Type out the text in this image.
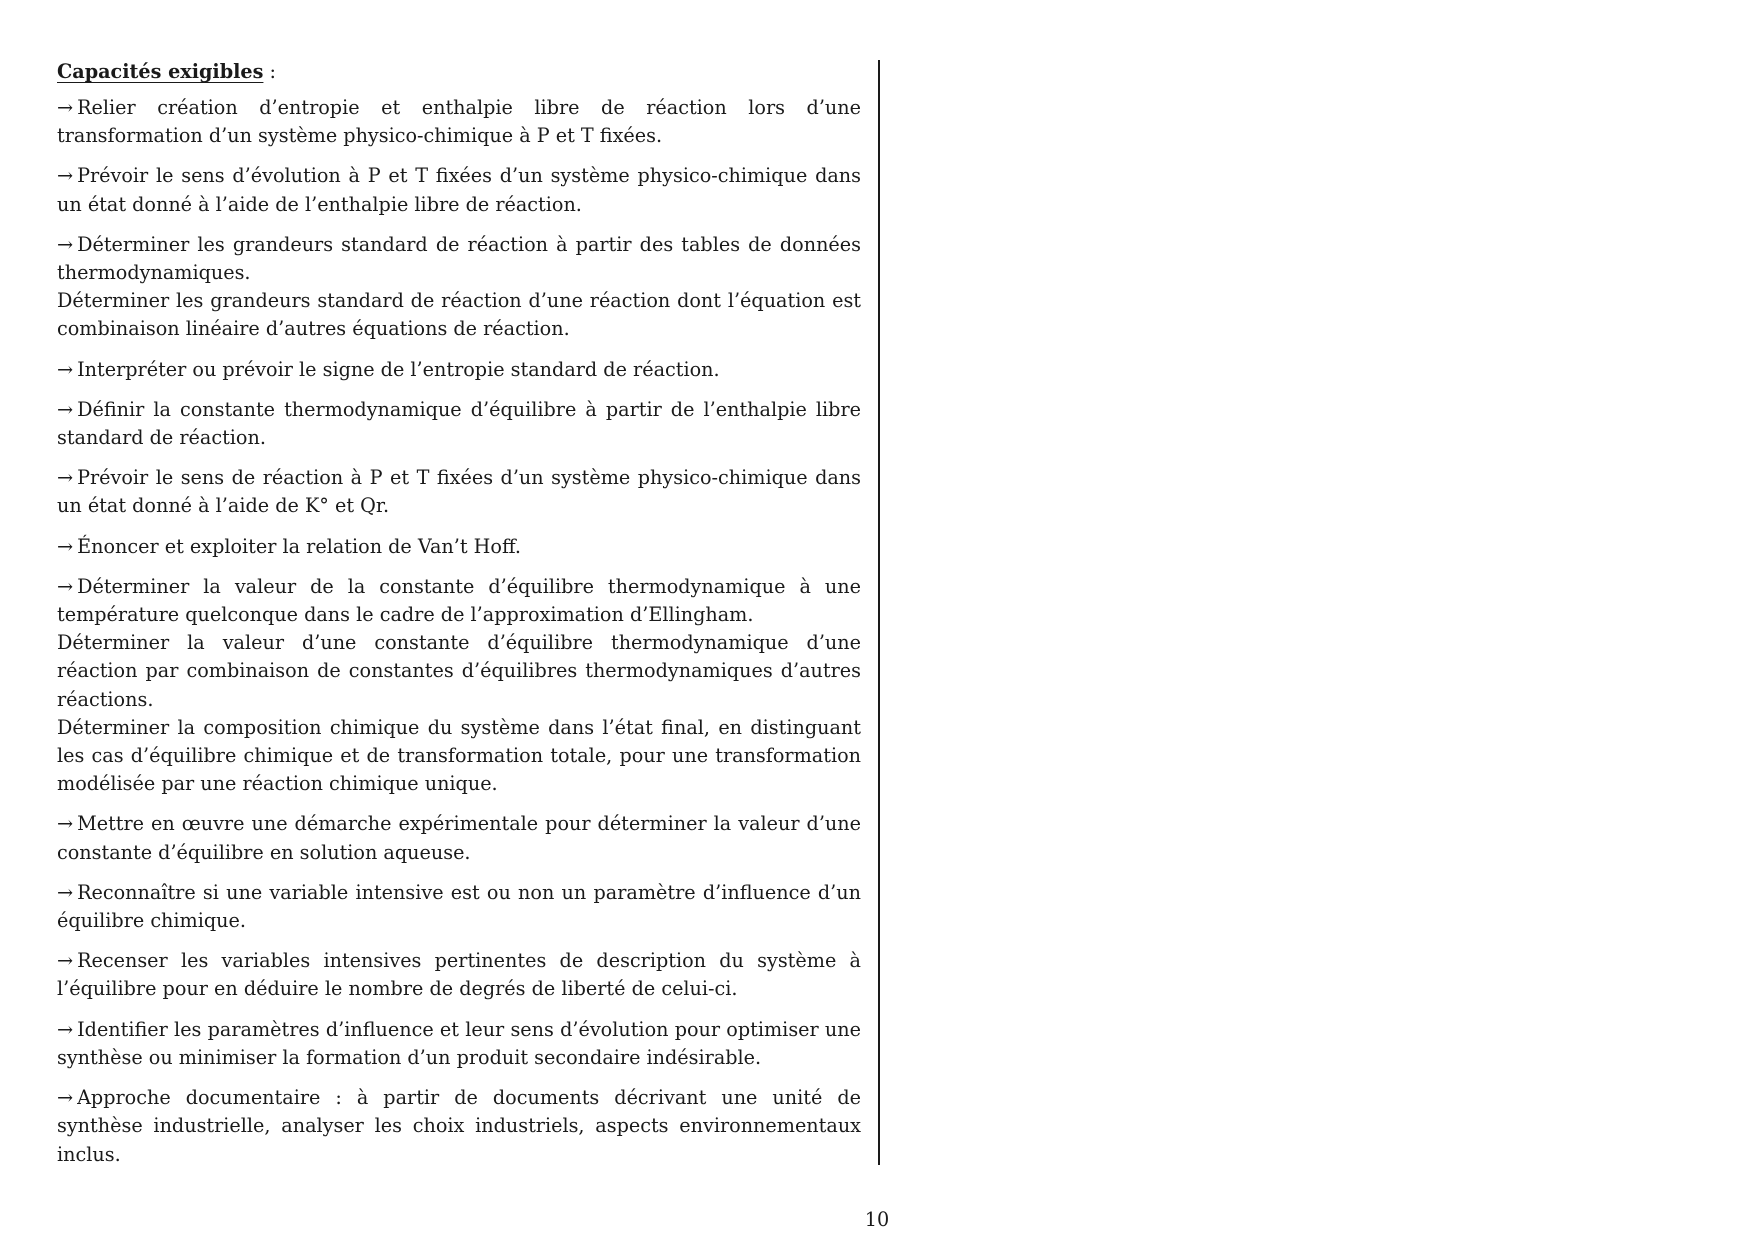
Capacités exigibles :

→ Relier création d’entropie et enthalpie libre de réaction lors d’une transformation d’un système physico-chimique à P et T fixées.

→ Prévoir le sens d’évolution à P et T fixées d’un système physico-chimique dans un état donné à l’aide de l’enthalpie libre de réaction.

→ Déterminer les grandeurs standard de réaction à partir des tables de données thermodynamiques.

Déterminer les grandeurs standard de réaction d’une réaction dont l’équation est combinaison linéaire d’autres équations de réaction.

→ Interpréter ou prévoir le signe de l’entropie standard de réaction.

→ Définir la constante thermodynamique d’équilibre à partir de l’enthalpie libre standard de réaction.

→ Prévoir le sens de réaction à P et T fixées d’un système physico-chimique dans un état donné à l’aide de K° et Qr.

→ Énoncer et exploiter la relation de Van’t Hoff.

→ Déterminer la valeur de la constante d’équilibre thermodynamique à une température quelconque dans le cadre de l’approximation d’Ellingham.

Déterminer la valeur d’une constante d’équilibre thermodynamique d’une réaction par combinaison de constantes d’équilibres thermodynamiques d’autres réactions.

Déterminer la composition chimique du système dans l’état final, en distinguant les cas d’équilibre chimique et de transformation totale, pour une transformation modélisée par une réaction chimique unique.

→ Mettre en œuvre une démarche expérimentale pour déterminer la valeur d’une constante d’équilibre en solution aqueuse.

→ Reconnaître si une variable intensive est ou non un paramètre d’influence d’un équilibre chimique.

→ Recenser les variables intensives pertinentes de description du système à l’équilibre pour en déduire le nombre de degrés de liberté de celui-ci.

→ Identifier les paramètres d’influence et leur sens d’évolution pour optimiser une synthèse ou minimiser la formation d’un produit secondaire indésirable.

→ Approche documentaire : à partir de documents décrivant une unité de synthèse industrielle, analyser les choix industriels, aspects environnementaux inclus.

10
